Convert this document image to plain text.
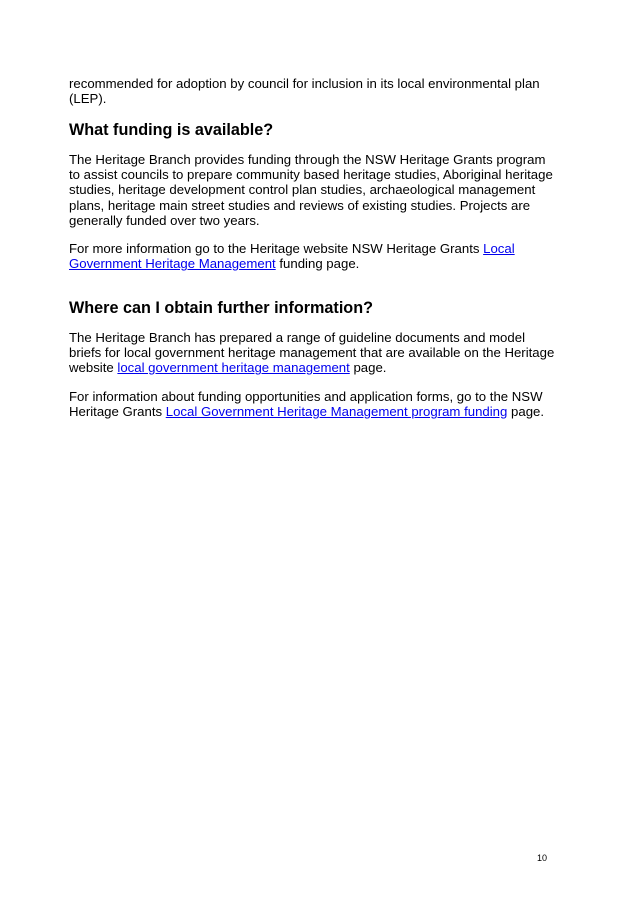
recommended for adoption by council for inclusion in its local environmental plan
(LEP).

What funding is available?

The Heritage Branch provides funding through the NSW Heritage Grants program
to assist councils to prepare community based heritage studies, Aboriginal heritage
studies, heritage development control plan studies, archaeological management
plans, heritage main street studies and reviews of existing studies. Projects are
generally funded over two years.

For more information go to the Heritage website NSW Heritage Grants Local
Government Heritage Management funding page.

Where can I obtain further information?

The Heritage Branch has prepared a range of guideline documents and model
briefs for local government heritage management that are available on the Heritage
website local government heritage management page.

For information about funding opportunities and application forms, go to the NSW
Heritage Grants Local Government Heritage Management program funding page.

10
